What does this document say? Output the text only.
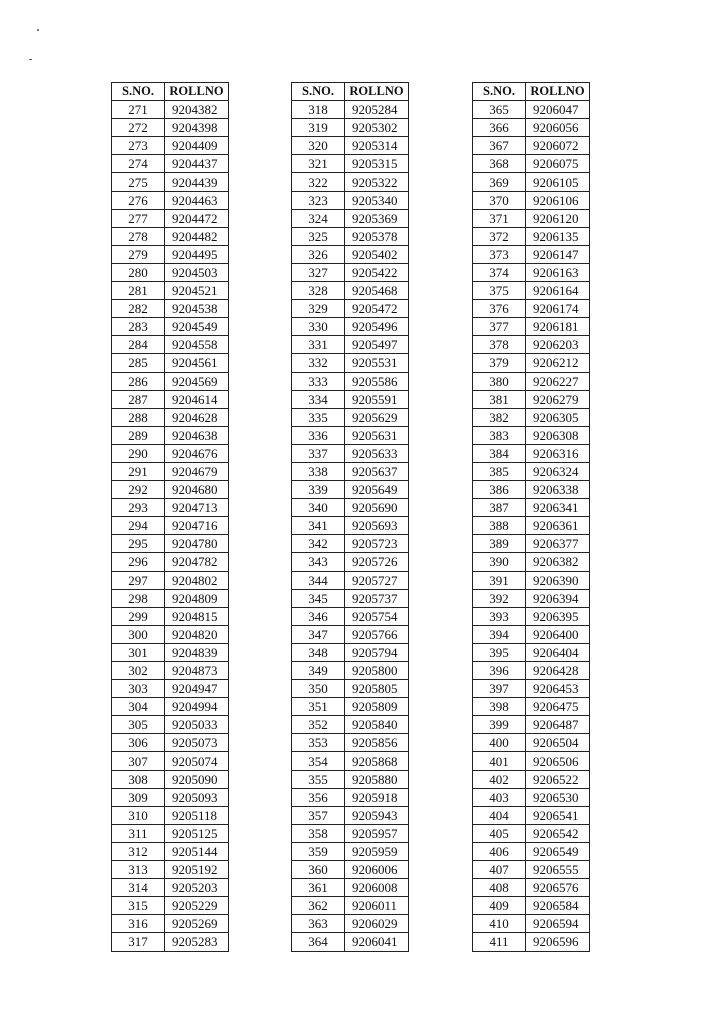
S.NO.	ROLLNO
271	9204382
272	9204398
273	9204409
274	9204437
275	9204439
276	9204463
277	9204472
278	9204482
279	9204495
280	9204503
281	9204521
282	9204538
283	9204549
284	9204558
285	9204561
286	9204569
287	9204614
288	9204628
289	9204638
290	9204676
291	9204679
292	9204680
293	9204713
294	9204716
295	9204780
296	9204782
297	9204802
298	9204809
299	9204815
300	9204820
301	9204839
302	9204873
303	9204947
304	9204994
305	9205033
306	9205073
307	9205074
308	9205090
309	9205093
310	9205118
311	9205125
312	9205144
313	9205192
314	9205203
315	9205229
316	9205269
317	9205283
S.NO.	ROLLNO
318	9205284
319	9205302
320	9205314
321	9205315
322	9205322
323	9205340
324	9205369
325	9205378
326	9205402
327	9205422
328	9205468
329	9205472
330	9205496
331	9205497
332	9205531
333	9205586
334	9205591
335	9205629
336	9205631
337	9205633
338	9205637
339	9205649
340	9205690
341	9205693
342	9205723
343	9205726
344	9205727
345	9205737
346	9205754
347	9205766
348	9205794
349	9205800
350	9205805
351	9205809
352	9205840
353	9205856
354	9205868
355	9205880
356	9205918
357	9205943
358	9205957
359	9205959
360	9206006
361	9206008
362	9206011
363	9206029
364	9206041
S.NO.	ROLLNO
365	9206047
366	9206056
367	9206072
368	9206075
369	9206105
370	9206106
371	9206120
372	9206135
373	9206147
374	9206163
375	9206164
376	9206174
377	9206181
378	9206203
379	9206212
380	9206227
381	9206279
382	9206305
383	9206308
384	9206316
385	9206324
386	9206338
387	9206341
388	9206361
389	9206377
390	9206382
391	9206390
392	9206394
393	9206395
394	9206400
395	9206404
396	9206428
397	9206453
398	9206475
399	9206487
400	9206504
401	9206506
402	9206522
403	9206530
404	9206541
405	9206542
406	9206549
407	9206555
408	9206576
409	9206584
410	9206594
411	9206596
